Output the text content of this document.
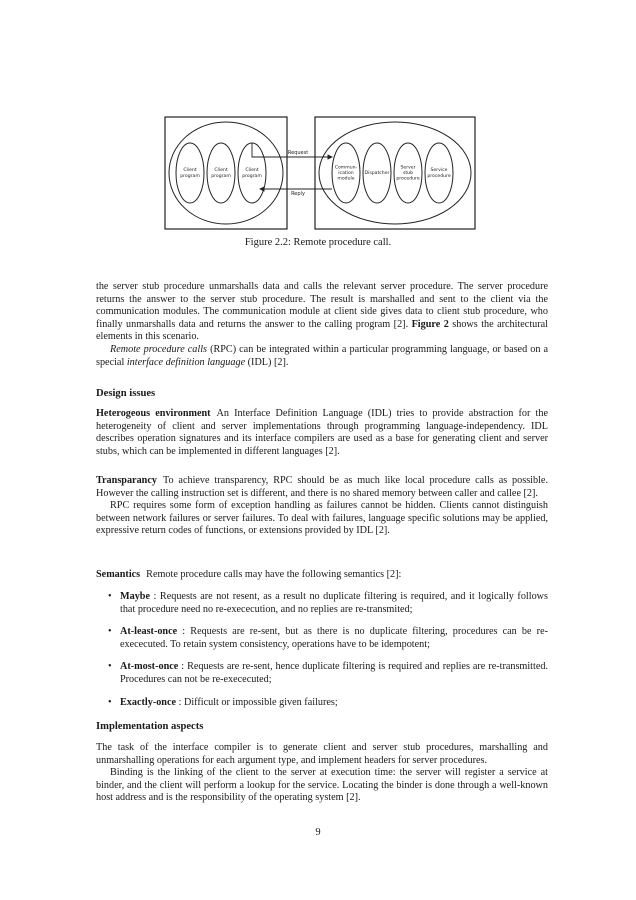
Client program
Client program
Client program
Commun-ication module
Dispatcher
Server stub procedure
Service procedure
Request
Reply
Figure 2.2: Remote procedure call.

the server stub procedure unmarshalls data and calls the relevant server procedure. The server procedure returns the answer to the server stub procedure. The result is marshalled and sent to the client via the communication modules. The communication module at client side gives data to client stub procedure, who finally unmarshalls data and returns the answer to the calling program [2]. Figure 2 shows the architectural elements in this scenario.

Remote procedure calls (RPC) can be integrated within a particular programming language, or based on a special interface definition language (IDL) [2].

Design issues

Heterogeous environment An Interface Definition Language (IDL) tries to provide abstraction for the heterogeneity of client and server implementations through programming language-independency. IDL describes operation signatures and its interface compilers are used as a base for generating client and server stubs, which can be implemented in different languages [2].

Transparancy To achieve transparency, RPC should be as much like local procedure calls as possible. However the calling instruction set is different, and there is no shared memory between caller and callee [2].

RPC requires some form of exception handling as failures cannot be hidden. Clients cannot distinguish between network failures or server failures. To deal with failures, language specific solutions may be applied, expressive return codes of functions, or extensions provided by IDL [2].

Semantics Remote procedure calls may have the following semantics [2]:

• Maybe : Requests are not resent, as a result no duplicate filtering is required, and it logically follows that procedure need no re-exececution, and no replies are re-transmited;
• At-least-once : Requests are re-sent, but as there is no duplicate filtering, procedures can be re-exececuted. To retain system consistency, operations have to be idempotent;
• At-most-once : Requests are re-sent, hence duplicate filtering is required and replies are re-transmitted. Procedures can not be re-exececuted;
• Exactly-once : Difficult or impossible given failures;
Implementation aspects

The task of the interface compiler is to generate client and server stub procedures, marshalling and unmarshalling operations for each argument type, and implement headers for server procedures.

Binding is the linking of the client to the server at execution time: the server will register a service at binder, and the client will perform a lookup for the service. Locating the binder is done through a well-known host address and is the responsibility of the operating system [2].

9
